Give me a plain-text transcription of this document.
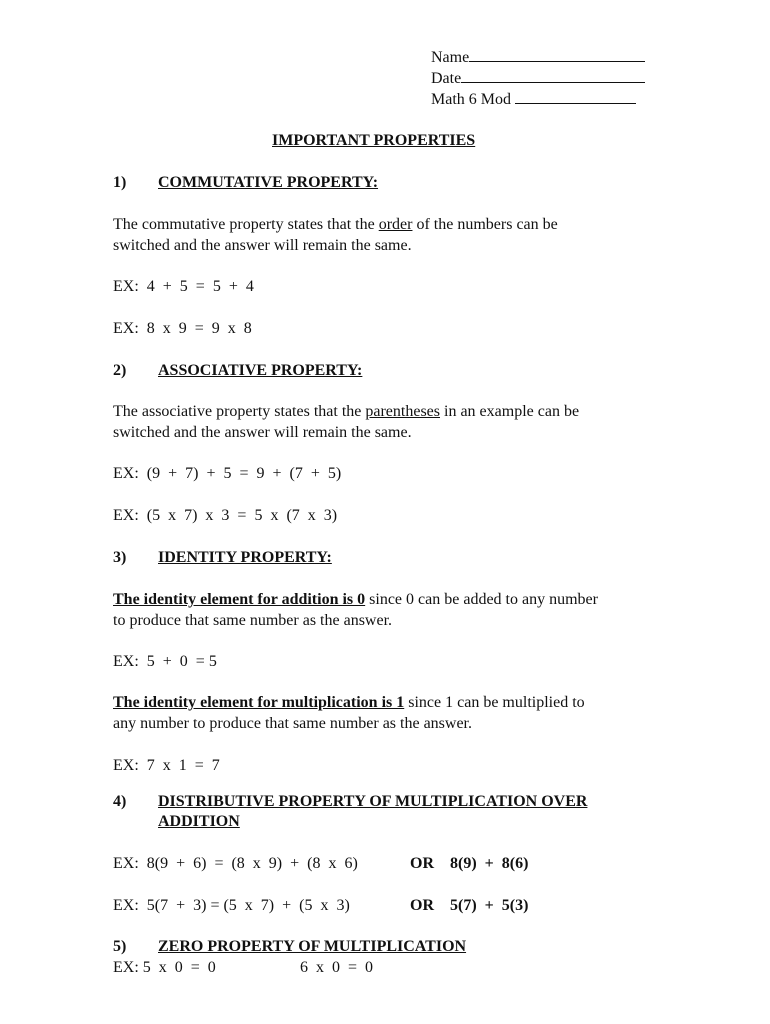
Name
Date
Math 6 Mod
IMPORTANT PROPERTIES
1) COMMUTATIVE PROPERTY:
The commutative property states that the order of the numbers can be
switched and the answer will remain the same.
EX:  4  +  5  =  5  +  4
EX:  8  x  9  =  9  x  8
2) ASSOCIATIVE PROPERTY:
The associative property states that the parentheses in an example can be
switched and the answer will remain the same.
EX:  (9  +  7)  +  5  =  9  +  (7  +  5)
EX:  (5  x  7)  x  3  =  5  x  (7  x  3)
3) IDENTITY PROPERTY:
The identity element for addition is 0 since 0 can be added to any number
to produce that same number as the answer.
EX:  5  +  0  = 5
The identity element for multiplication is 1 since 1 can be multiplied to
any number to produce that same number as the answer.
EX:  7  x  1  =  7
4) DISTRIBUTIVE PROPERTY OF MULTIPLICATION OVER
ADDITION
EX:  8(9  +  6)  =  (8  x  9)  +  (8  x  6)	OR    8(9)  +  8(6)
EX:  5(7  +  3) = (5  x  7)  +  (5  x  3)	OR    5(7)  +  5(3)
5) ZERO PROPERTY OF MULTIPLICATION
EX: 5  x  0  =  0	6  x  0  =  0
